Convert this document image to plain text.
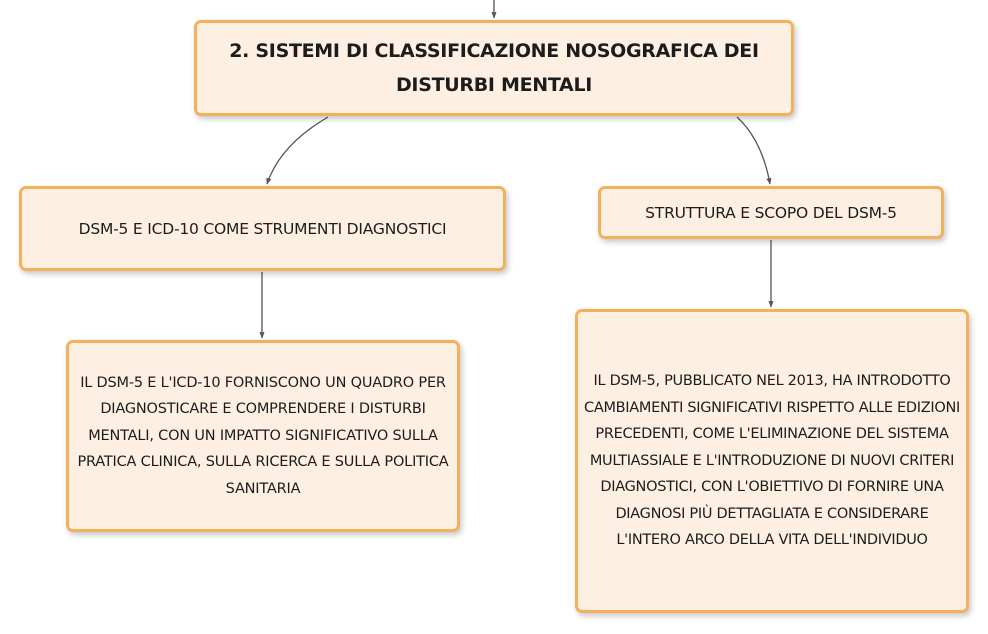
2. SISTEMI DI CLASSIFICAZIONE NOSOGRAFICA DEI DISTURBI MENTALI
DSM-5 E ICD-10 COME STRUMENTI DIAGNOSTICI
STRUTTURA E SCOPO DEL DSM-5
IL DSM-5 E L'ICD-10 FORNISCONO UN QUADRO PER DIAGNOSTICARE E COMPRENDERE I DISTURBI MENTALI, CON UN IMPATTO SIGNIFICATIVO SULLA PRATICA CLINICA, SULLA RICERCA E SULLA POLITICA SANITARIA
IL DSM-5, PUBBLICATO NEL 2013, HA INTRODOTTO CAMBIAMENTI SIGNIFICATIVI RISPETTO ALLE EDIZIONI PRECEDENTI, COME L'ELIMINAZIONE DEL SISTEMA MULTIASSIALE E L'INTRODUZIONE DI NUOVI CRITERI DIAGNOSTICI, CON L'OBIETTIVO DI FORNIRE UNA DIAGNOSI PIÙ DETTAGLIATA E CONSIDERARE L'INTERO ARCO DELLA VITA DELL'INDIVIDUO
